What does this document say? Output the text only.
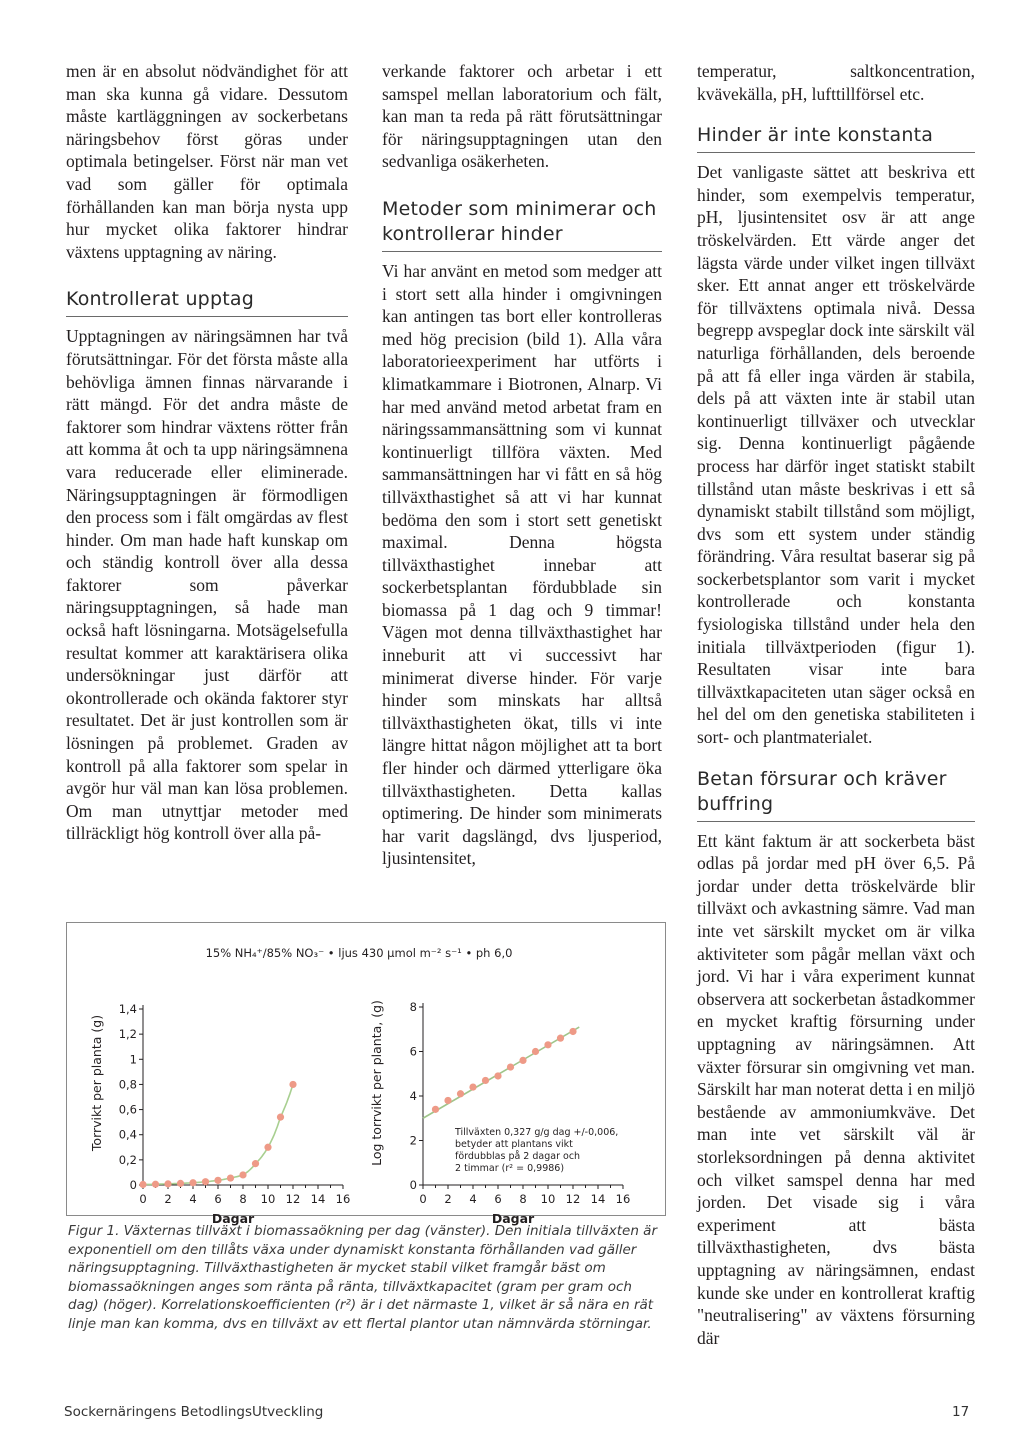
men är en absolut nödvändighet för att man ska kunna gå vidare. Dessutom måste kartläggningen av sockerbetans näringsbehov först göras under optimala betingelser. Först när man vet vad som gäller för optimala förhållanden kan man börja nysta upp hur mycket olika faktorer hindrar växtens upptagning av näring.

Kontrollerat upptag

Upptagningen av näringsämnen har två förutsättningar. För det första måste alla behövliga ämnen finnas närvarande i rätt mängd. För det andra måste de faktorer som hindrar växtens rötter från att komma åt och ta upp näringsämnena vara reducerade eller eliminerade. Näringsupptagningen är förmodligen den process som i fält omgärdas av flest hinder. Om man hade haft kunskap om och ständig kontroll över alla dessa faktorer som påverkar näringsupptagningen, så hade man också haft lösningarna. Motsägelsefulla resultat kommer att karaktärisera olika undersökningar just därför att okontrollerade och okända faktorer styr resultatet. Det är just kontrollen som är lösningen på problemet. Graden av kontroll på alla faktorer som spelar in avgör hur väl man kan lösa problemen. Om man utnyttjar metoder med tillräckligt hög kontroll över alla på-

verkande faktorer och arbetar i ett samspel mellan laboratorium och fält, kan man ta reda på rätt förutsättningar för näringsupptagningen utan den sedvanliga osäkerheten.

Metoder som minimerar och kontrollerar hinder

Vi har använt en metod som medger att i stort sett alla hinder i omgivningen kan antingen tas bort eller kontrolleras med hög precision (bild 1). Alla våra laboratorieexperiment har utförts i klimatkammare i Biotronen, Alnarp. Vi har med använd metod arbetat fram en näringssammansättning som vi kunnat kontinuerligt tillföra växten. Med sammansättningen har vi fått en så hög tillväxthastighet så att vi har kunnat bedöma den som i stort sett genetiskt maximal. Denna högsta tillväxthastighet innebar att sockerbetsplantan fördubblade sin biomassa på 1 dag och 9 timmar! Vägen mot denna tillväxthastighet har inneburit att vi successivt har minimerat diverse hinder. För varje hinder som minskats har alltså tillväxthastigheten ökat, tills vi inte längre hittat någon möjlighet att ta bort fler hinder och därmed ytterligare öka tillväxthastigheten. Detta kallas optimering. De hinder som minimerats har varit dagslängd, dvs ljusperiod, ljusintensitet,

temperatur, saltkoncentration, kvävekälla, pH, lufttillförsel etc.

Hinder är inte konstanta

Det vanligaste sättet att beskriva ett hinder, som exempelvis temperatur, pH, ljusintensitet osv är att ange tröskelvärden. Ett värde anger det lägsta värde under vilket ingen tillväxt sker. Ett annat anger ett tröskelvärde för tillväxtens optimala nivå. Dessa begrepp avspeglar dock inte särskilt väl naturliga förhållanden, dels beroende på att få eller inga värden är stabila, dels på att växten inte är stabil utan kontinuerligt tillväxer och utvecklar sig. Denna kontinuerligt pågående process har därför inget statiskt stabilt tillstånd utan måste beskrivas i ett så dynamiskt stabilt tillstånd som möjligt, dvs som ett system under ständig förändring. Våra resultat baserar sig på sockerbetsplantor som varit i mycket kontrollerade och konstanta fysiologiska tillstånd under hela den initiala tillväxtperioden (figur 1). Resultaten visar inte bara tillväxtkapaciteten utan säger också en hel del om den genetiska stabiliteten i sort- och plantmaterialet.

Betan försurar och kräver buffring

Ett känt faktum är att sockerbeta bäst odlas på jordar med pH över 6,5. På jordar under detta tröskelvärde blir tillväxt och avkastning sämre. Vad man inte vet särskilt mycket om är vilka aktiviteter som pågår mellan växt och jord. Vi har i våra experiment kunnat observera att sockerbetan åstadkommer en mycket kraftig försurning under upptagning av näringsämnen. Att växter försurar sin omgivning vet man. Särskilt har man noterat detta i en miljö bestående av ammoniumkväve. Det man inte vet särskilt väl är storleksordningen på denna aktivitet och vilket samspel denna har med jorden. Det visade sig i våra experiment att bästa tillväxthastigheten, dvs bästa upptagning av näringsämnen, endast kunde ske under en kontrollerat kraftig "neutralisering" av växtens försurning där

15% NH₄⁺/85% NO₃⁻ • ljus 430 µmol m⁻² s⁻¹ • ph 6,0
Torrvikt per planta (g)
0
0,2
0,4
0,6
0,8
1
1,2
1,4
0 2 4 6 8 10 12 14 16
Dagar
Log torrvikt per planta, (g)
0
2
4
6
8
0 2 4 6 8 10 12 14 16
Dagar
Tillväxten 0,327 g/g dag +/-0,006,
betyder att plantans vikt
fördubblas på 2 dagar och
2 timmar (r² = 0,9986)
Figur 1. Växternas tillväxt i biomassaökning per dag (vänster). Den initiala tillväxten är exponentiell om den tillåts växa under dynamiskt konstanta förhållanden vad gäller näringsupptagning. Tillväxthastigheten är mycket stabil vilket framgår bäst om biomassaökningen anges som ränta på ränta, tillväxtkapacitet (gram per gram och dag) (höger). Korrelationskoefficienten (r²) är i det närmaste 1, vilket är så nära en rät linje man kan komma, dvs en tillväxt av ett flertal plantor utan nämnvärda störningar.
Sockernäringens BetodlingsUtveckling	17
